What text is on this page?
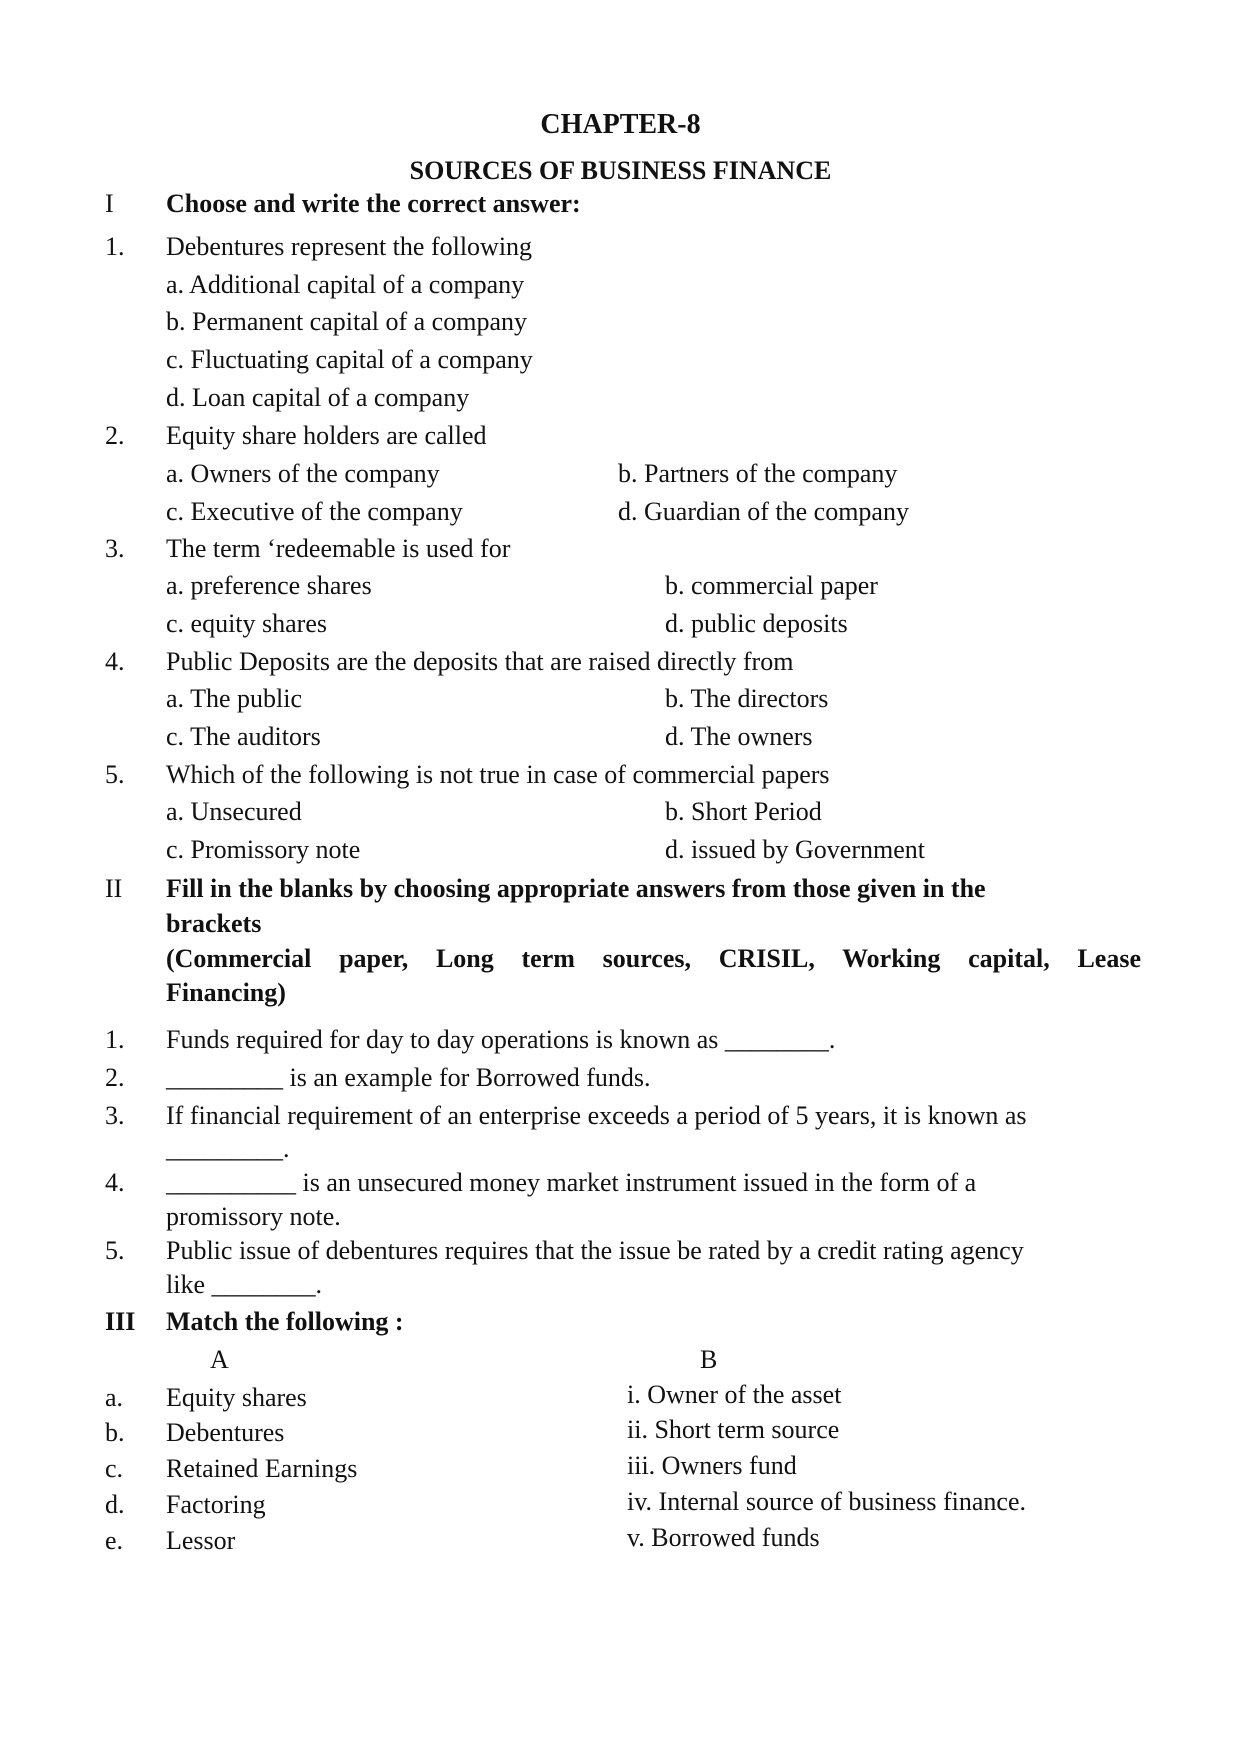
CHAPTER-8
SOURCES OF BUSINESS FINANCE
I Choose and write the correct answer:
1. Debentures represent the following
a. Additional capital of a company
b. Permanent capital of a company
c. Fluctuating capital of a company
d. Loan capital of a company
2. Equity share holders are called
a. Owners of the company	b. Partners of the company
c. Executive of the company	d. Guardian of the company
3. The term ‘redeemable is used for
a. preference shares	b. commercial paper
c. equity shares	d. public deposits
4. Public Deposits are the deposits that are raised directly from
a. The public	b. The directors
c. The auditors	d. The owners
5. Which of the following is not true in case of commercial papers
a. Unsecured	b. Short Period
c. Promissory note	d. issued by Government
II Fill in the blanks by choosing appropriate answers from those given in the
brackets
(Commercial paper, Long term sources, CRISIL, Working capital, Lease
Financing)
1. Funds required for day to day operations is known as ________.
2. _________ is an example for Borrowed funds.
3. If financial requirement of an enterprise exceeds a period of 5 years, it is known as
_________.
4. __________ is an unsecured money market instrument issued in the form of a
promissory note.
5. Public issue of debentures requires that the issue be rated by a credit rating agency
like ________.
III Match the following :
A	B
a. Equity shares	i. Owner of the asset
b. Debentures	ii. Short term source
c. Retained Earnings	iii. Owners fund
d. Factoring	iv. Internal source of business finance.
e. Lessor	v. Borrowed funds
